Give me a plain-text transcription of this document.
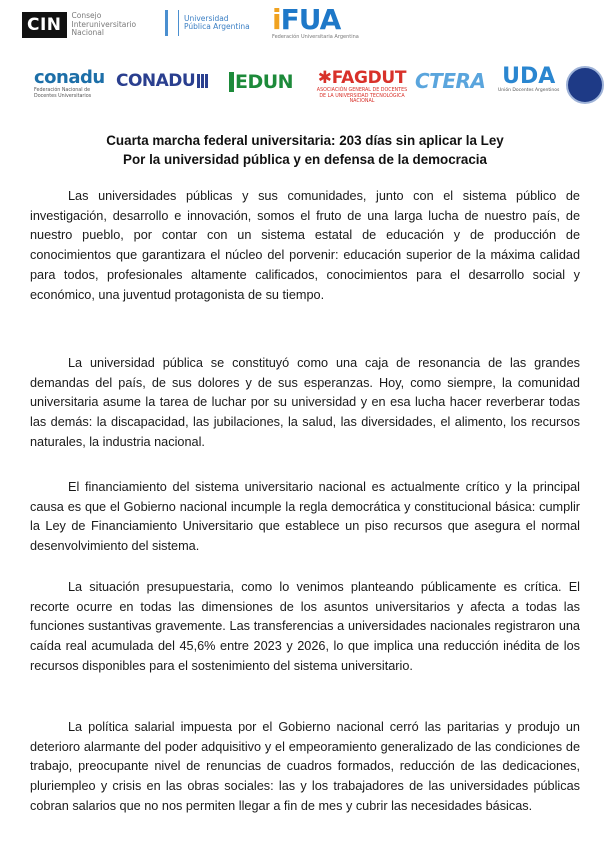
CIN	Consejo Interuniversitario Nacional
Universidad Pública Argentina iFUA
Federación Universitaria Argentina
conadu
Federación Nacional de Docentes Universitarios
CONADU EDUN ✱FAGDUT
ASOCIACIÓN GENERAL DE DOCENTES DE LA UNIVERSIDAD TECNOLÓGICA NACIONAL
CTERA UDA
Unión Docentes Argentinos
Cuarta marcha federal universitaria: 203 días sin aplicar la Ley
Por la universidad pública y en defensa de la democracia

Las universidades públicas y sus comunidades, junto con el sistema público de investigación, desarrollo e innovación, somos el fruto de una larga lucha de nuestro país, de nuestro pueblo, por contar con un sistema estatal de educación y de producción de conocimientos que garantizara el núcleo del porvenir: educación superior de la máxima calidad para todos, profesionales altamente calificados, conocimientos para el desarrollo social y económico, una juventud protagonista de su tiempo.

La universidad pública se constituyó como una caja de resonancia de las grandes demandas del país, de sus dolores y de sus esperanzas. Hoy, como siempre, la comunidad universitaria asume la tarea de luchar por su universidad y en esa lucha hacer reverberar todas las demás: la discapacidad, las jubilaciones, la salud, las diversidades, el alimento, los recursos naturales, la industria nacional.

El financiamiento del sistema universitario nacional es actualmente crítico y la principal causa es que el Gobierno nacional incumple la regla democrática y constitucional básica: cumplir la Ley de Financiamiento Universitario que establece un piso recursos que asegura el normal desenvolvimiento del sistema.

La situación presupuestaria, como lo venimos planteando públicamente es crítica. El recorte ocurre en todas las dimensiones de los asuntos universitarios y afecta a todas las funciones sustantivas gravemente. Las transferencias a universidades nacionales registraron una caída real acumulada del 45,6% entre 2023 y 2026, lo que implica una reducción inédita de los recursos disponibles para el sostenimiento del sistema universitario.

La política salarial impuesta por el Gobierno nacional cerró las paritarias y produjo un deterioro alarmante del poder adquisitivo y el empeoramiento generalizado de las condiciones de trabajo, preocupante nivel de renuncias de cuadros formados, reducción de las dedicaciones, pluriempleo y crisis en las obras sociales: las y los trabajadores de las universidades públicas cobran salarios que no nos permiten llegar a fin de mes y cubrir las necesidades básicas.
